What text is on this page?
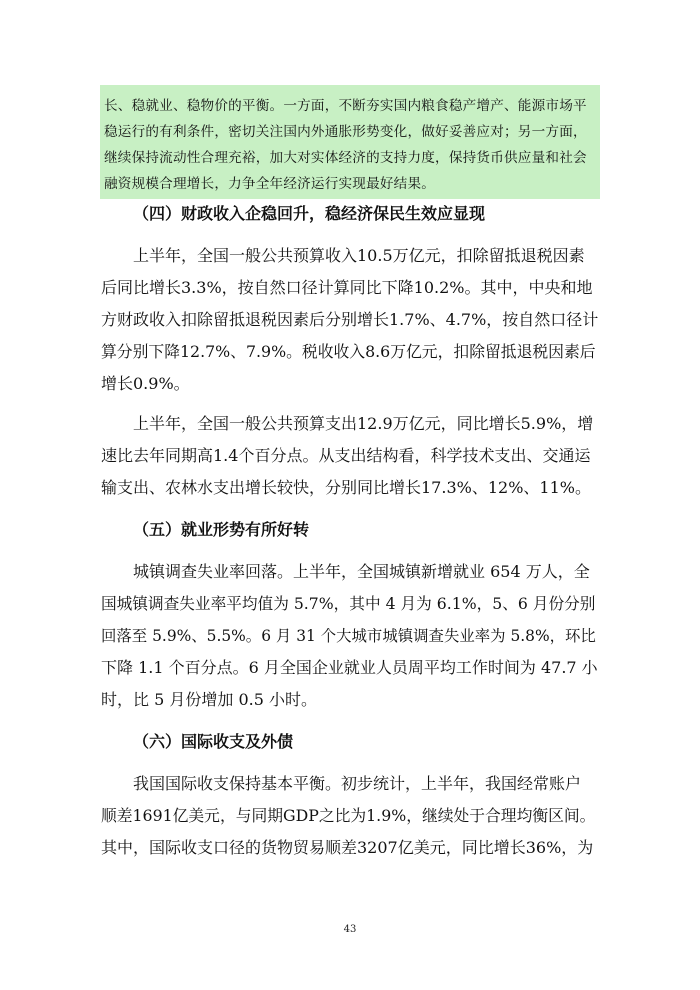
长、稳就业、稳物价的平衡。一方面，不断夯实国内粮食稳产增产、能源市场平
稳运行的有利条件，密切关注国内外通胀形势变化，做好妥善应对；另一方面，
继续保持流动性合理充裕，加大对实体经济的支持力度，保持货币供应量和社会
融资规模合理增长，力争全年经济运行实现最好结果。
（四）财政收入企稳回升，稳经济保民生效应显现
上半年，全国一般公共预算收入10.5万亿元，扣除留抵退税因素
后同比增长3.3%，按自然口径计算同比下降10.2%。其中，中央和地
方财政收入扣除留抵退税因素后分别增长1.7%、4.7%，按自然口径计
算分别下降12.7%、7.9%。税收收入8.6万亿元，扣除留抵退税因素后
增长0.9%。
上半年，全国一般公共预算支出12.9万亿元，同比增长5.9%，增
速比去年同期高1.4个百分点。从支出结构看，科学技术支出、交通运
输支出、农林水支出增长较快，分别同比增长17.3%、12%、11%。
（五）就业形势有所好转
城镇调查失业率回落。上半年，全国城镇新增就业 654 万人，全
国城镇调查失业率平均值为 5.7%，其中 4 月为 6.1%，5、6 月份分别
回落至 5.9%、5.5%。6 月 31 个大城市城镇调查失业率为 5.8%，环比
下降 1.1 个百分点。6 月全国企业就业人员周平均工作时间为 47.7 小
时，比 5 月份增加 0.5 小时。
（六）国际收支及外债
我国国际收支保持基本平衡。初步统计，上半年，我国经常账户
顺差1691亿美元，与同期GDP之比为1.9%，继续处于合理均衡区间。
其中，国际收支口径的货物贸易顺差3207亿美元，同比增长36%，为
43
